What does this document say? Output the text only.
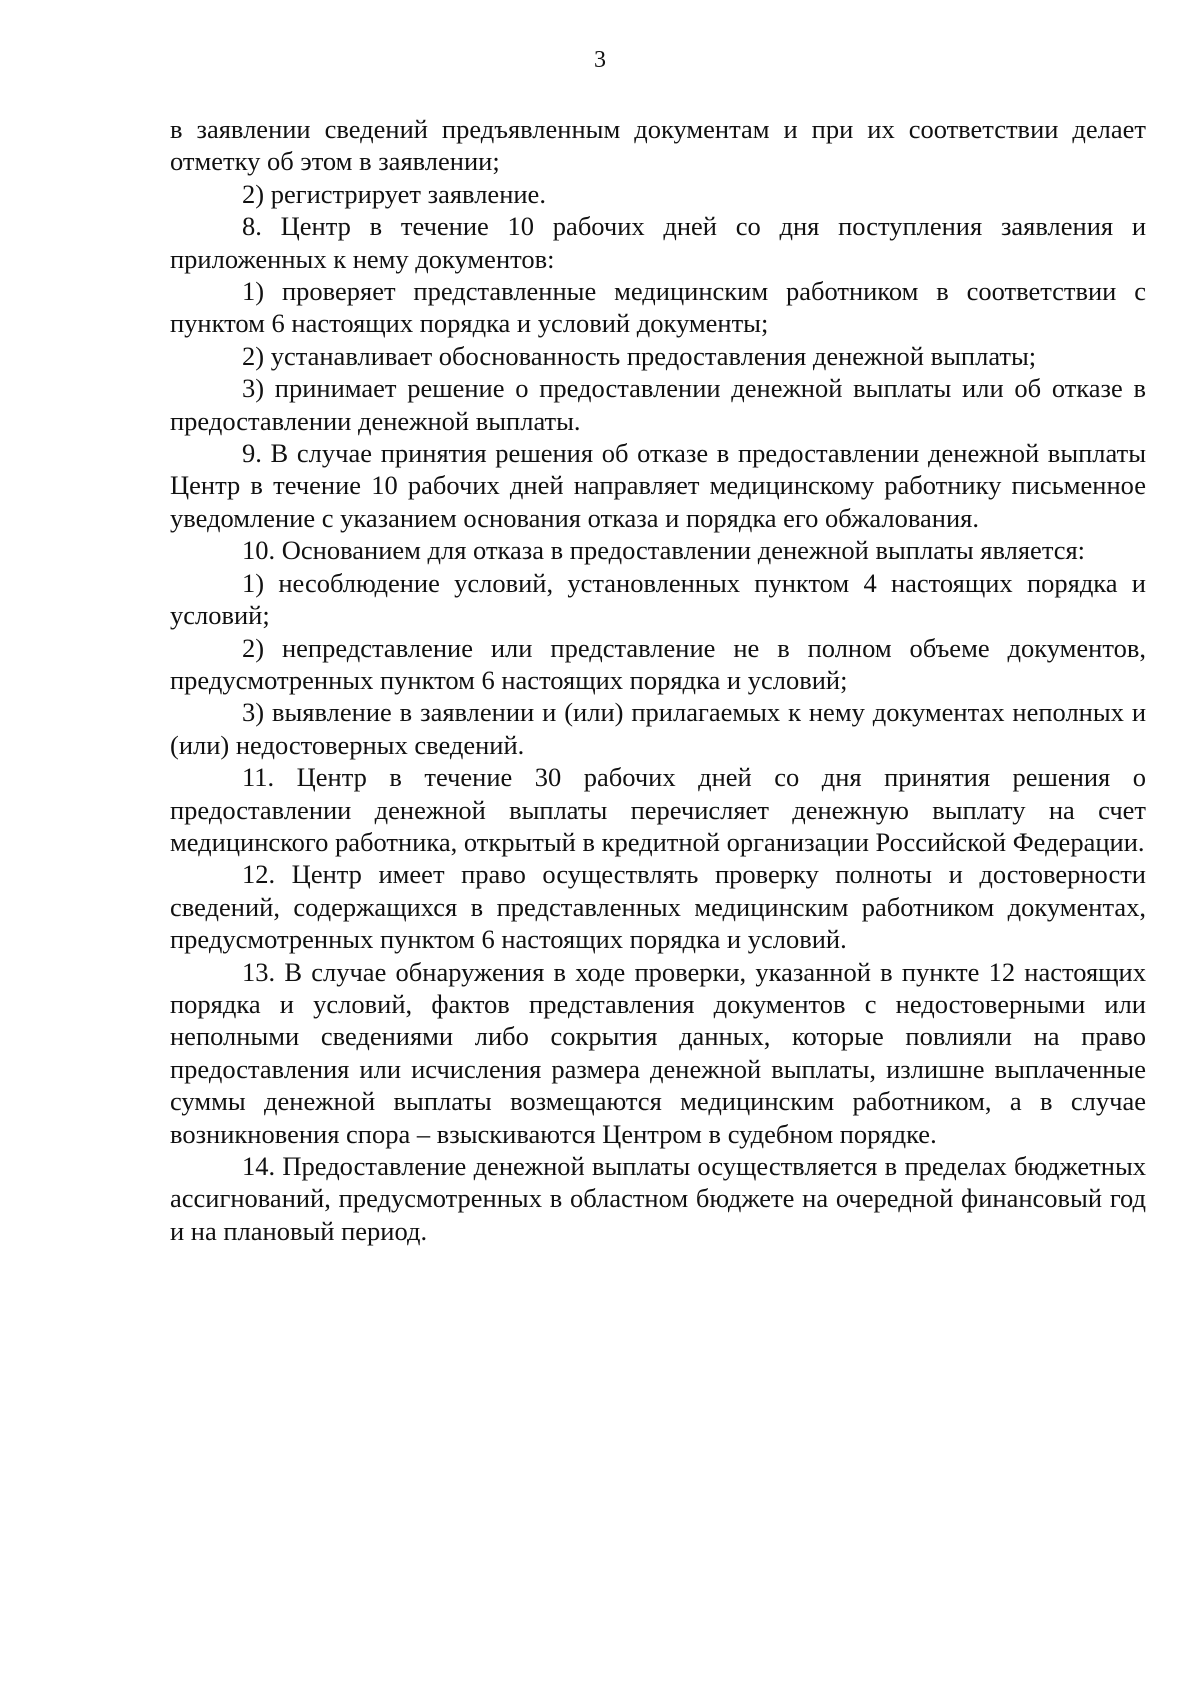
3

в заявлении сведений предъявленным документам и при их соответствии делает отметку об этом в заявлении;

2) регистрирует заявление.

8. Центр в течение 10 рабочих дней со дня поступления заявления и приложенных к нему документов:

1) проверяет представленные медицинским работником в соответствии с пунктом 6 настоящих порядка и условий документы;

2) устанавливает обоснованность предоставления денежной выплаты;

3) принимает решение о предоставлении денежной выплаты или об отказе в предоставлении денежной выплаты.

9. В случае принятия решения об отказе в предоставлении денежной выплаты Центр в течение 10 рабочих дней направляет медицинскому работнику письменное уведомление с указанием основания отказа и порядка его обжалования.

10. Основанием для отказа в предоставлении денежной выплаты является:

1) несоблюдение условий, установленных пунктом 4 настоящих порядка и условий;

2) непредставление или представление не в полном объеме документов, предусмотренных пунктом 6 настоящих порядка и условий;

3) выявление в заявлении и (или) прилагаемых к нему документах неполных и (или) недостоверных сведений.

11. Центр в течение 30 рабочих дней со дня принятия решения о предоставлении денежной выплаты перечисляет денежную выплату на счет медицинского работника, открытый в кредитной организации Российской Федерации.

12. Центр имеет право осуществлять проверку полноты и достоверности сведений, содержащихся в представленных медицинским работником документах, предусмотренных пунктом 6 настоящих порядка и условий.

13. В случае обнаружения в ходе проверки, указанной в пункте 12 настоящих порядка и условий, фактов представления документов с недостоверными или неполными сведениями либо сокрытия данных, которые повлияли на право предоставления или исчисления размера денежной выплаты, излишне выплаченные суммы денежной выплаты возмещаются медицинским работником, а в случае возникновения спора – взыскиваются Центром в судебном порядке.

14. Предоставление денежной выплаты осуществляется в пределах бюджетных ассигнований, предусмотренных в областном бюджете на очередной финансовый год и на плановый период.
